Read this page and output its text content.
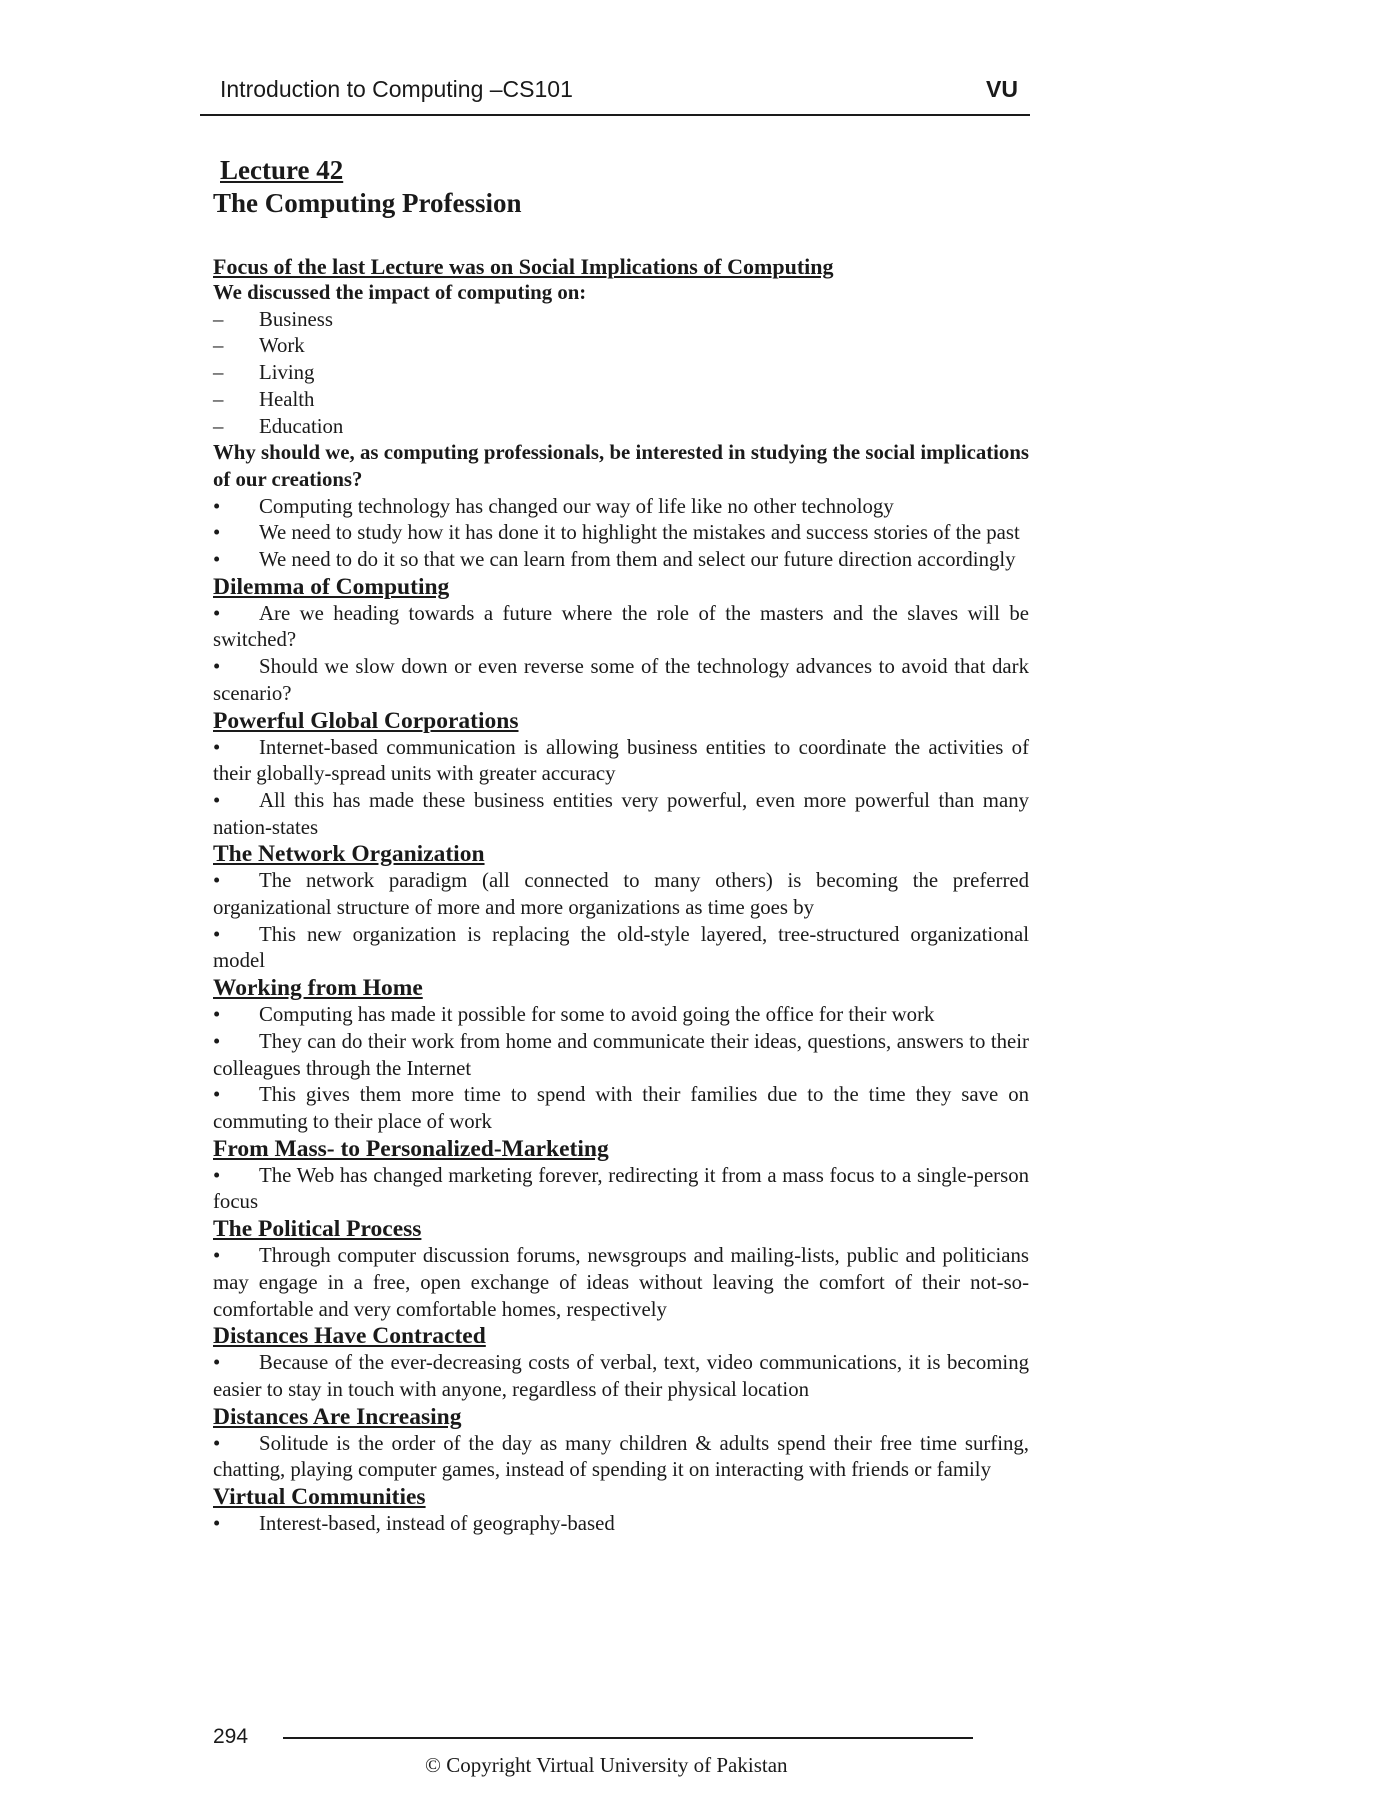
Introduction to Computing –CS101	VU

Lecture 42

The Computing Profession

Focus of the last Lecture was on Social Implications of Computing

We discussed the impact of computing on:

– Business

– Work

– Living

– Health

– Education

Why should we, as computing professionals, be interested in studying the social implications of our creations?

• Computing technology has changed our way of life like no other technology

• We need to study how it has done it to highlight the mistakes and success stories of the past

• We need to do it so that we can learn from them and select our future direction accordingly

Dilemma of Computing

• Are we heading towards a future where the role of the masters and the slaves will be switched?

• Should we slow down or even reverse some of the technology advances to avoid that dark scenario?

Powerful Global Corporations

• Internet-based communication is allowing business entities to coordinate the activities of their globally-spread units with greater accuracy

• All this has made these business entities very powerful, even more powerful than many nation-states

The Network Organization

• The network paradigm (all connected to many others) is becoming the preferred organizational structure of more and more organizations as time goes by

• This new organization is replacing the old-style layered, tree-structured organizational model

Working from Home

• Computing has made it possible for some to avoid going the office for their work

• They can do their work from home and communicate their ideas, questions, answers to their colleagues through the Internet

• This gives them more time to spend with their families due to the time they save on commuting to their place of work

From Mass- to Personalized-Marketing

• The Web has changed marketing forever, redirecting it from a mass focus to a single-person focus

The Political Process

• Through computer discussion forums, newsgroups and mailing-lists, public and politicians may engage in a free, open exchange of ideas without leaving the comfort of their not-so-comfortable and very comfortable homes, respectively

Distances Have Contracted

• Because of the ever-decreasing costs of verbal, text, video communications, it is becoming easier to stay in touch with anyone, regardless of their physical location

Distances Are Increasing

• Solitude is the order of the day as many children & adults spend their free time surfing, chatting, playing computer games, instead of spending it on interacting with friends or family

Virtual Communities

• Interest-based, instead of geography-based

294
© Copyright Virtual University of Pakistan
